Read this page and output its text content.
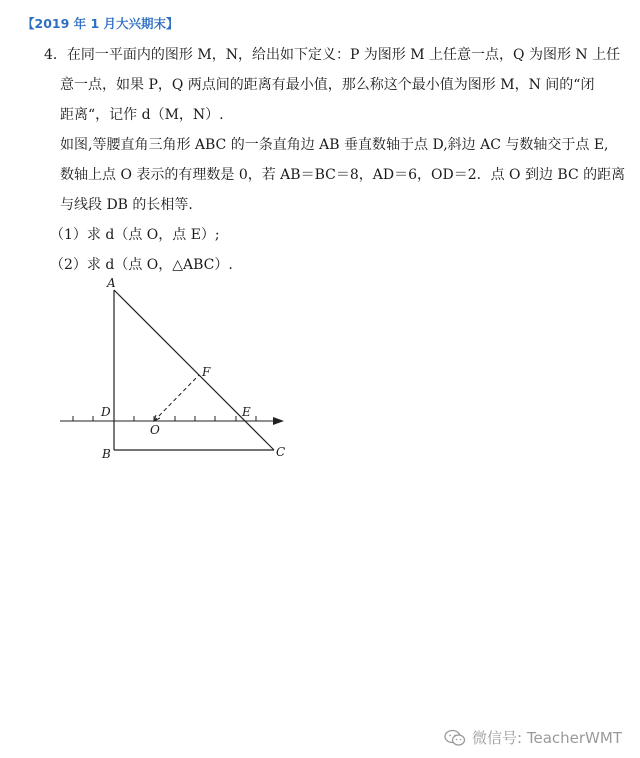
【2019 年 1 月大兴期末】
4．在同一平面内的图形 M，N，给出如下定义：P 为图形 M 上任意一点，Q 为图形 N 上任
意一点，如果 P，Q 两点间的距离有最小值，那么称这个最小值为图形 M，N 间的“闭
距离“，记作 d（M，N）.
如图,等腰直角三角形 ABC 的一条直角边 AB 垂直数轴于点 D,斜边 AC 与数轴交于点 E,
数轴上点 O 表示的有理数是 0，若 AB＝BC＝8，AD＝6，OD＝2．点 O 到边 BC 的距离
与线段 DB 的长相等．
（1）求 d（点 O，点 E）;
（2）求 d（点 O，△ABC）.
A
B	C
D	E
F
O
微信号: TeacherWMT
